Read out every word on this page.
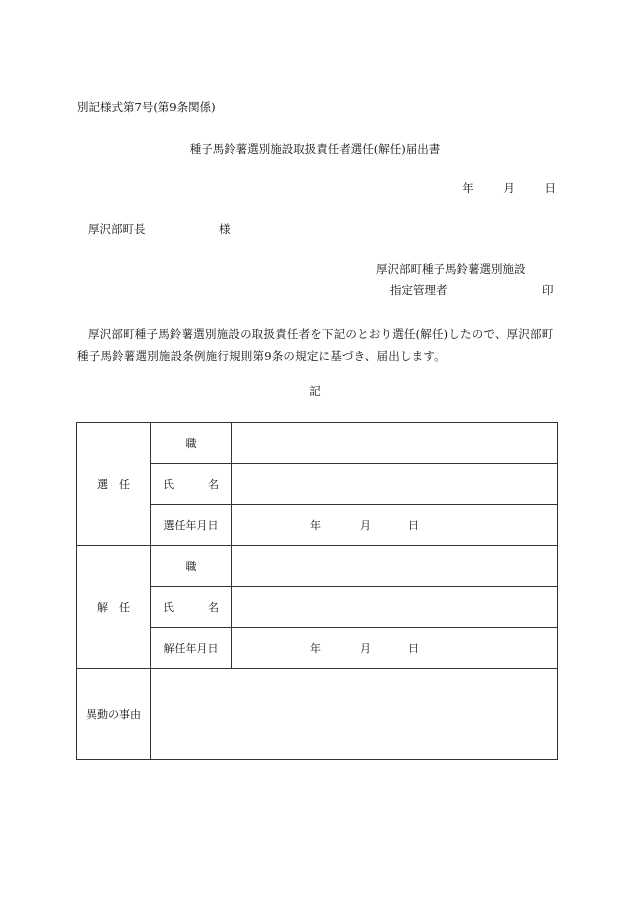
別記様式第7号(第9条関係)
種子馬鈴薯選別施設取扱責任者選任(解任)届出書
年	月	日
厚沢部町長	様
厚沢部町種子馬鈴薯選別施設
指定管理者	印
厚沢部町種子馬鈴薯選別施設の取扱責任者を下記のとおり選任(解任)したので、厚沢部町種子馬鈴薯選別施設条例施行規則第9条の規定に基づき、届出します。
記
選　任	職	
	氏　名	
	選任年月日	年 月 日

解　任	職	
	氏　名	
	解任年月日	年 月 日

異動の事由		
